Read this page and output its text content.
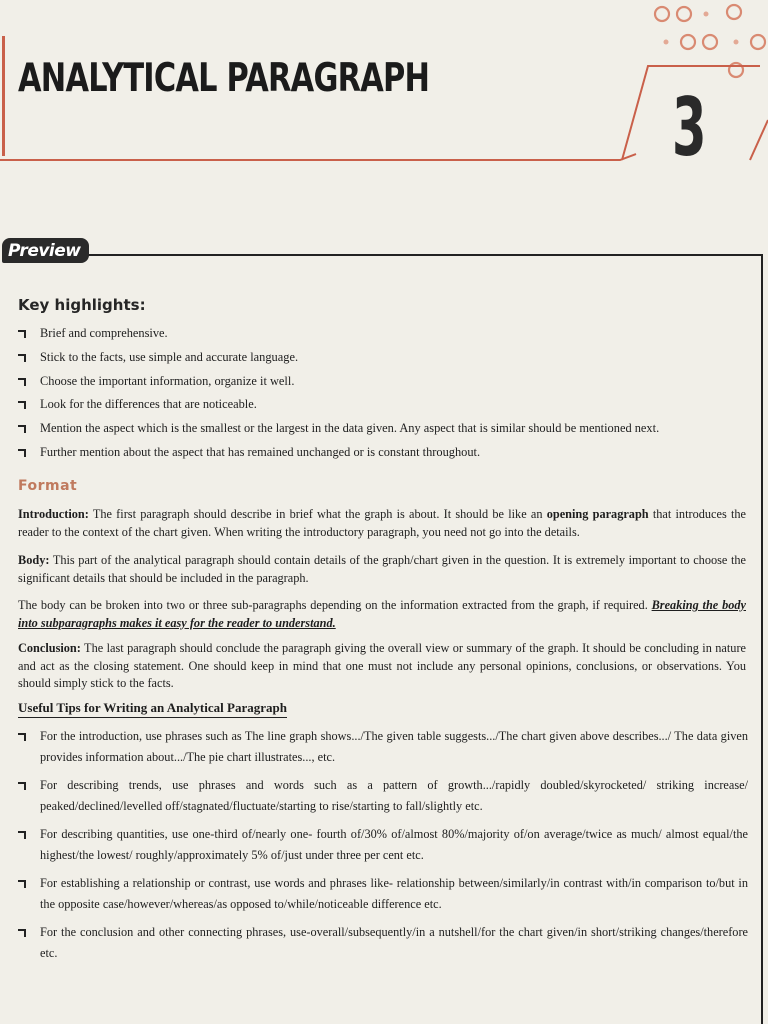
ANALYTICAL PARAGRAPH
3
Preview
Key highlights:
Brief and comprehensive.
Stick to the facts, use simple and accurate language.
Choose the important information, organize it well.
Look for the differences that are noticeable.
Mention the aspect which is the smallest or the largest in the data given. Any aspect that is similar should be mentioned next.
Further mention about the aspect that has remained unchanged or is constant throughout.
Format

Introduction: The first paragraph should describe in brief what the graph is about. It should be like an opening paragraph that introduces the reader to the context of the chart given. When writing the introductory paragraph, you need not go into the details.

Body: This part of the analytical paragraph should contain details of the graph/chart given in the question. It is extremely important to choose the significant details that should be included in the paragraph.

The body can be broken into two or three sub-paragraphs depending on the information extracted from the graph, if required. Breaking the body into subparagraphs makes it easy for the reader to understand.

Conclusion: The last paragraph should conclude the paragraph giving the overall view or summary of the graph. It should be concluding in nature and act as the closing statement. One should keep in mind that one must not include any personal opinions, conclusions, or observations. You should simply stick to the facts.

Useful Tips for Writing an Analytical Paragraph
For the introduction, use phrases such as The line graph shows.../The given table suggests.../The chart given above describes.../ The data given provides information about.../The pie chart illustrates..., etc.
For describing trends, use phrases and words such as a pattern of growth.../rapidly doubled/skyrocketed/ striking increase/ peaked/declined/levelled off/stagnated/fluctuate/starting to rise/starting to fall/slightly etc.
For describing quantities, use one-third of/nearly one- fourth of/30% of/almost 80%/majority of/on average/twice as much/ almost equal/the highest/the lowest/ roughly/approximately 5% of/just under three per cent etc.
For establishing a relationship or contrast, use words and phrases like- relationship between/similarly/in contrast with/in comparison to/but in the opposite case/however/whereas/as opposed to/while/noticeable difference etc.
For the conclusion and other connecting phrases, use-overall/subsequently/in a nutshell/for the chart given/in short/striking changes/therefore etc.
